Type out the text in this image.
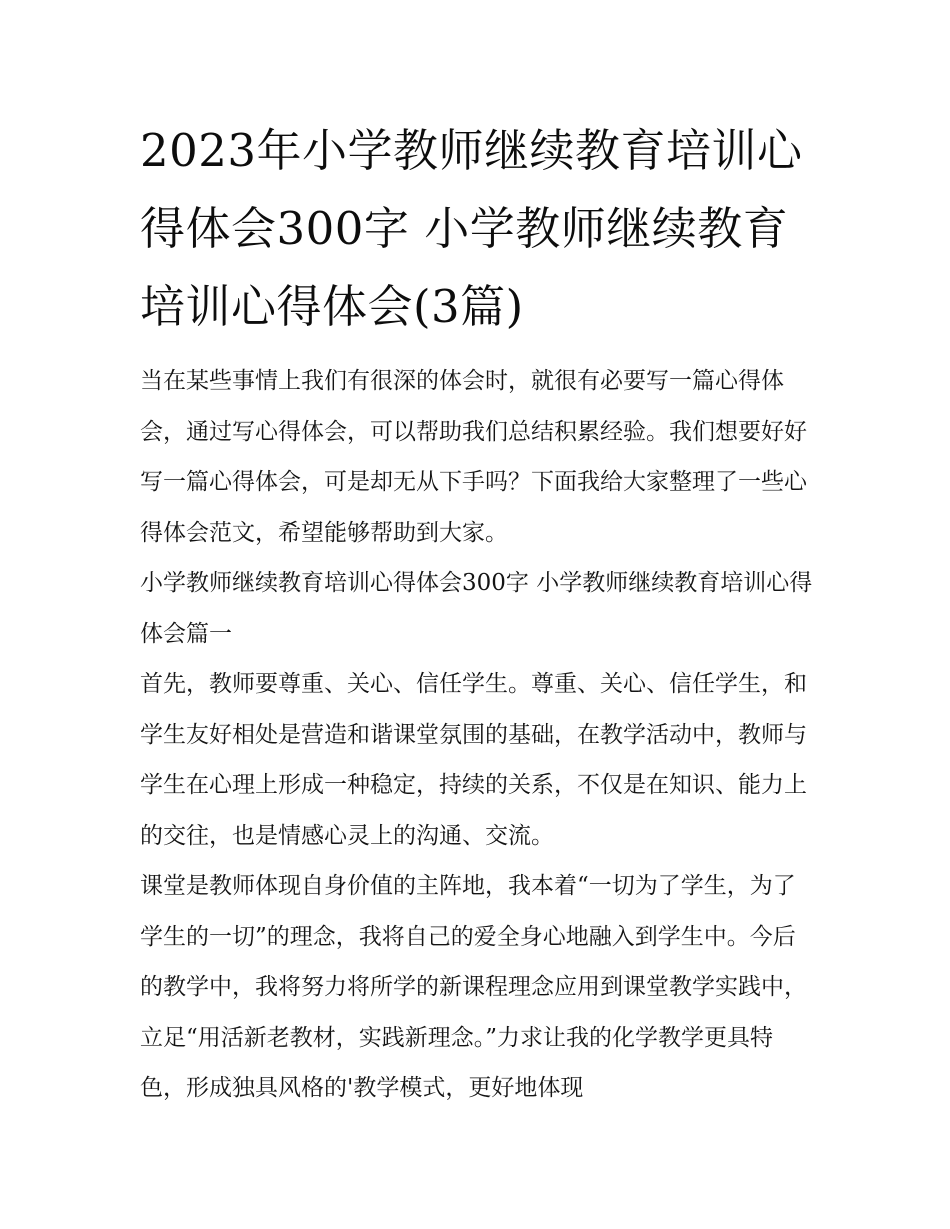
2023年小学教师继续教育培训心得体会300字 小学教师继续教育培训心得体会(3篇)

当在某些事情上我们有很深的体会时，就很有必要写一篇心得体会，通过写心得体会，可以帮助我们总结积累经验。我们想要好好写一篇心得体会，可是却无从下手吗？下面我给大家整理了一些心得体会范文，希望能够帮助到大家。

小学教师继续教育培训心得体会300字 小学教师继续教育培训心得体会篇一

首先，教师要尊重、关心、信任学生。尊重、关心、信任学生，和学生友好相处是营造和谐课堂氛围的基础，在教学活动中，教师与学生在心理上形成一种稳定，持续的关系，不仅是在知识、能力上的交往，也是情感心灵上的沟通、交流。

课堂是教师体现自身价值的主阵地，我本着“一切为了学生，为了学生的一切”的理念，我将自己的爱全身心地融入到学生中。今后的教学中，我将努力将所学的新课程理念应用到课堂教学实践中，立足“用活新老教材，实践新理念。”力求让我的化学教学更具特色，形成独具风格的'教学模式，更好地体现
